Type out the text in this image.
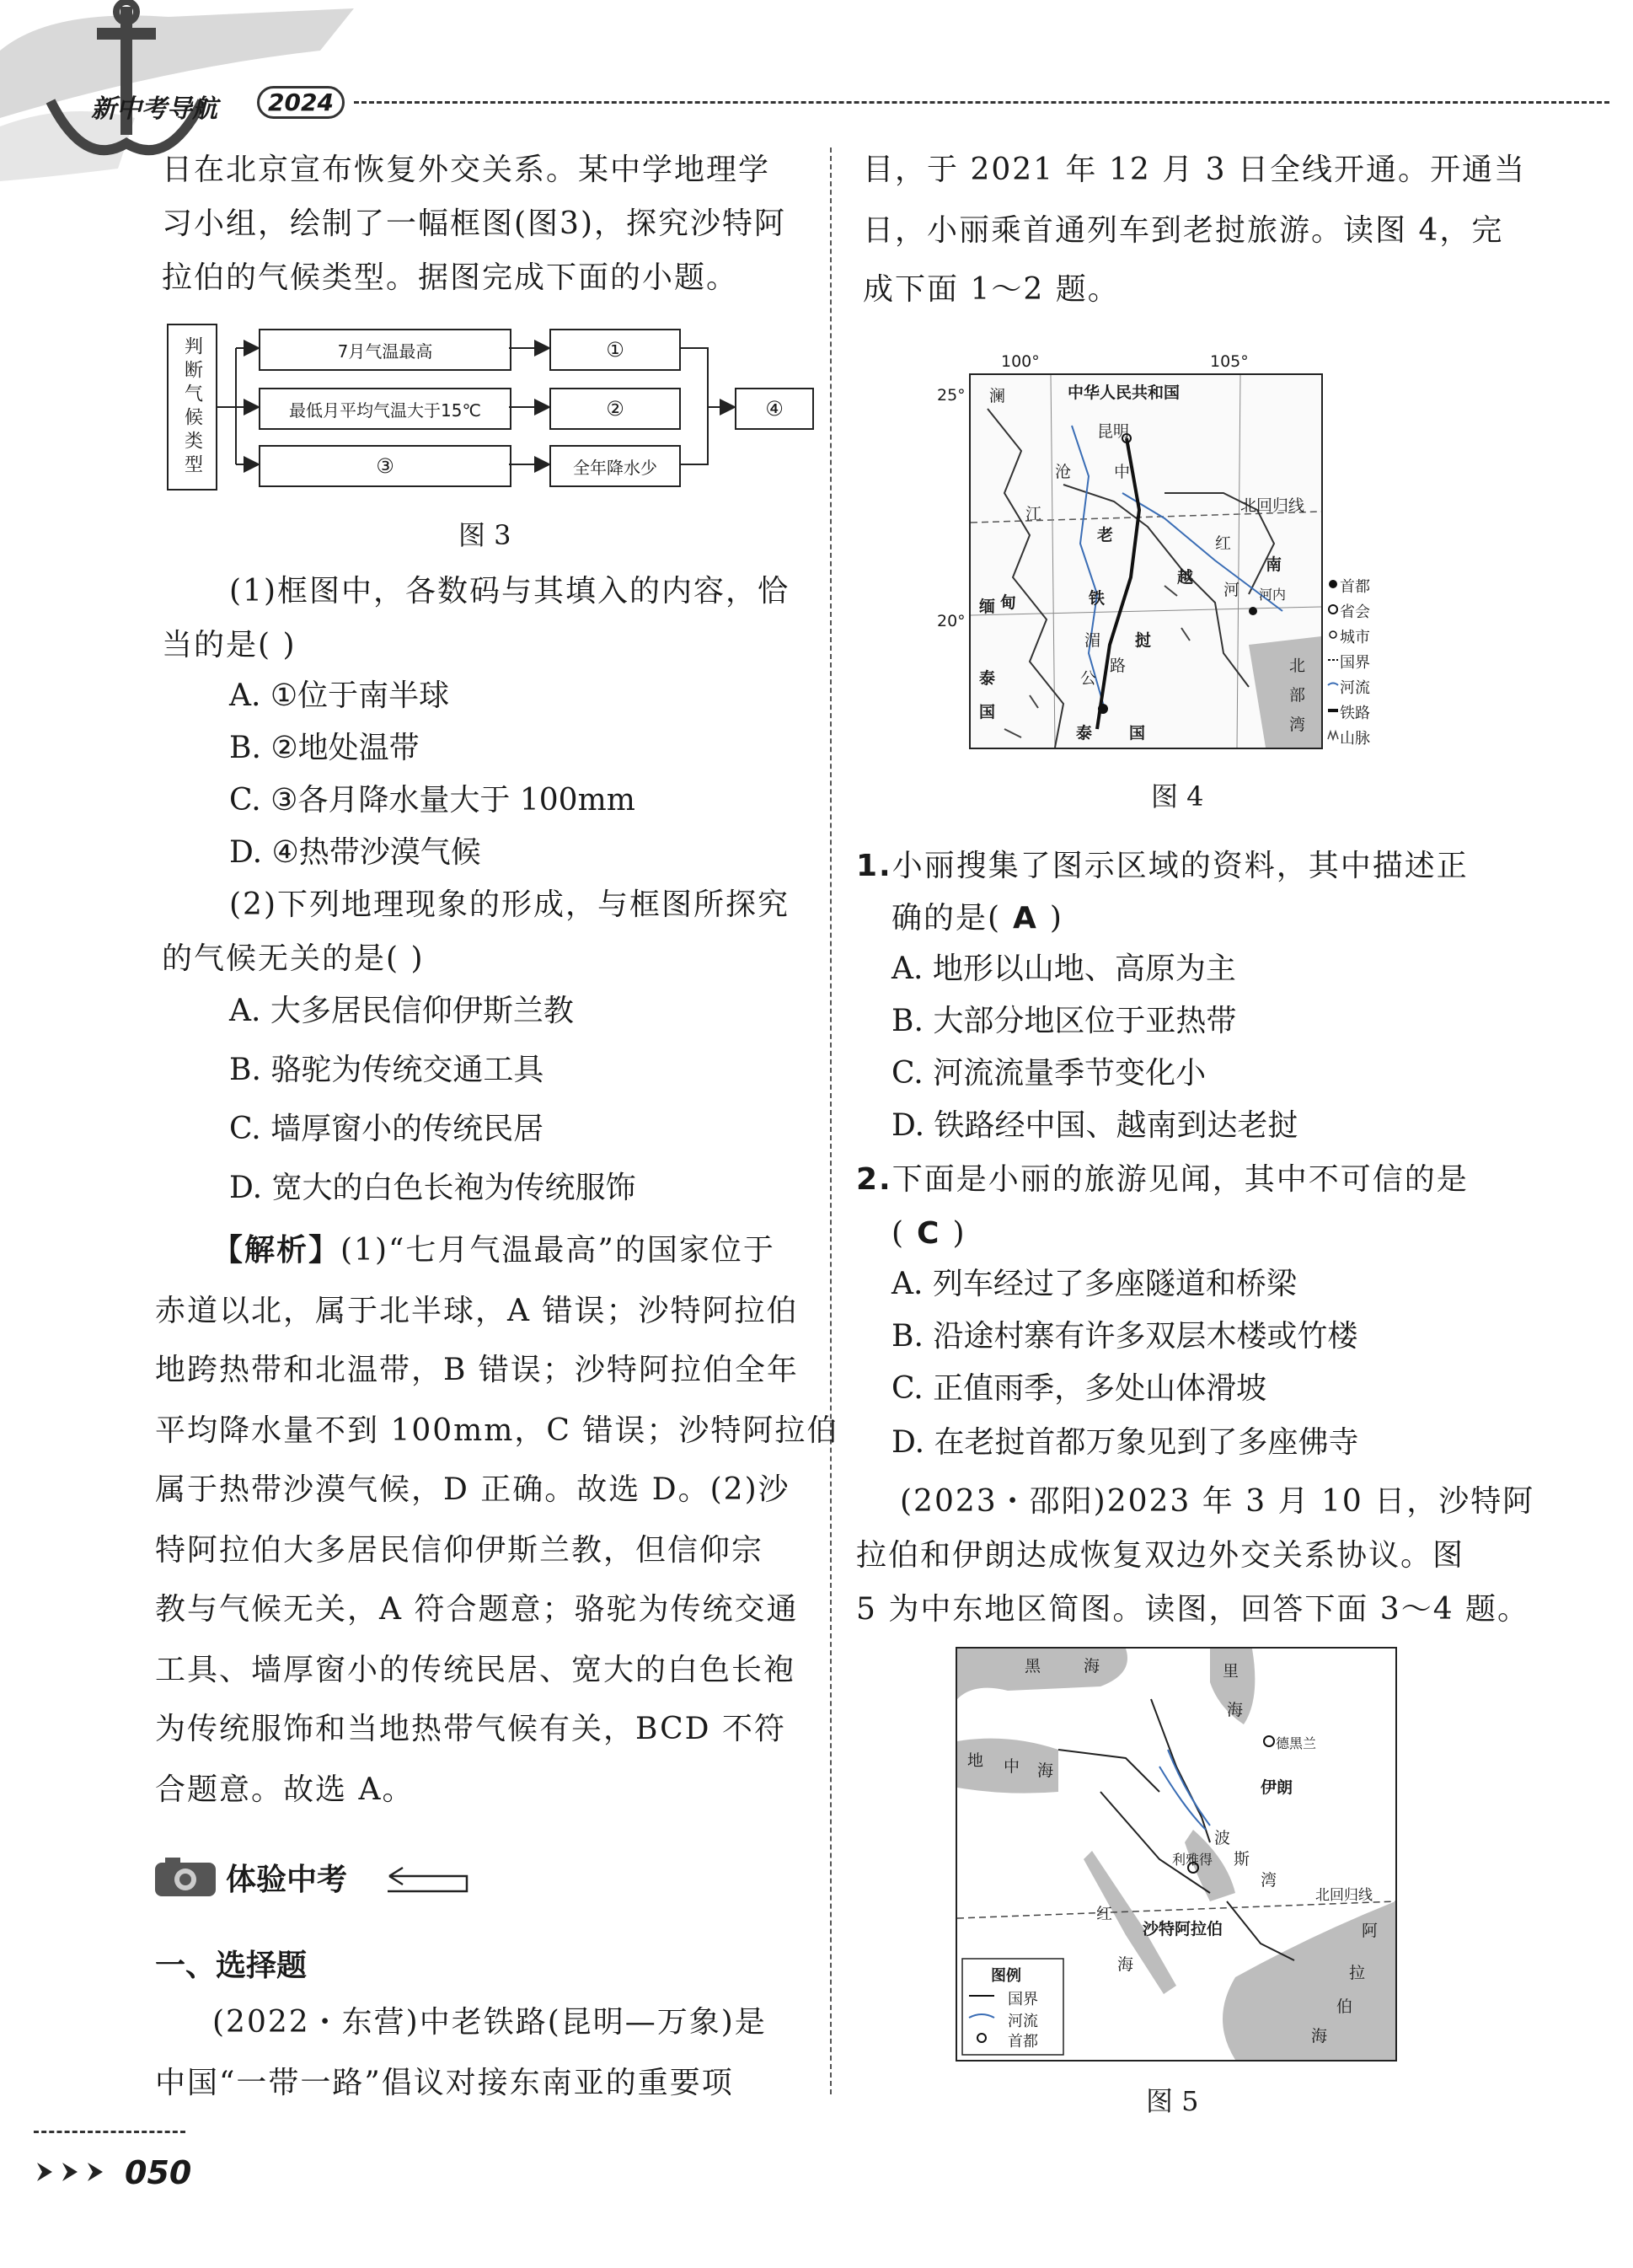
新中考导航	2024
日在北京宣布恢复外交关系。某中学地理学
习小组，绘制了一幅框图(图3)，探究沙特阿
拉伯的气候类型。据图完成下面的小题。
判断气候类型	7月气温最高
最低月平均气温大于15℃
③
①
②
全年降水少
④
图 3
(1)框图中，各数码与其填入的内容，恰
当的是( )
A. ①位于南半球
B. ②地处温带
C. ③各月降水量大于 100mm
D. ④热带沙漠气候
(2)下列地理现象的形成，与框图所探究
的气候无关的是( )
A. 大多居民信仰伊斯兰教
B. 骆驼为传统交通工具
C. 墙厚窗小的传统民居
D. 宽大的白色长袍为传统服饰
【解析】(1)“七月气温最高”的国家位于
赤道以北，属于北半球，A 错误；沙特阿拉伯
地跨热带和北温带，B 错误；沙特阿拉伯全年
平均降水量不到 100mm，C 错误；沙特阿拉伯
属于热带沙漠气候，D 正确。故选 D。(2)沙
特阿拉伯大多居民信仰伊斯兰教，但信仰宗
教与气候无关，A 符合题意；骆驼为传统交通
工具、墙厚窗小的传统民居、宽大的白色长袍
为传统服饰和当地热带气候有关，BCD 不符
合题意。故选 A。
体验中考
一、选择题
(2022・东营)中老铁路(昆明—万象)是
中国“一带一路”倡议对接东南亚的重要项
目，于 2021 年 12 月 3 日全线开通。开通当
日，小丽乘首通列车到老挝旅游。读图 4，完
成下面 1～2 题。
中华人民共和国
昆明
北回归线
澜
沧
江
中
缅 甸
越
南
河内
红
河
老
挝
铁
路
公
湄
泰
国
泰 国
北
部
湾
100°	105°
25°
20°
首都
省会
城市
国界
河流
铁路
山脉
图 4
1.小丽搜集了图示区域的资料，其中描述正
确的是( A )
A. 地形以山地、高原为主
B. 大部分地区位于亚热带
C. 河流流量季节变化小
D. 铁路经中国、越南到达老挝
2.下面是小丽的旅游见闻，其中不可信的是
( C )
A. 列车经过了多座隧道和桥梁
B. 沿途村寨有许多双层木楼或竹楼
C. 正值雨季，多处山体滑坡
D. 在老挝首都万象见到了多座佛寺
(2023・邵阳)2023 年 3 月 10 日，沙特阿
拉伯和伊朗达成恢复双边外交关系协议。图
5 为中东地区简图。读图，回答下面 3～4 题。
黑	海	里
海
地 中 海
德黑兰
伊朗
利雅得
波
斯
湾
北回归线
沙特阿拉伯
红
海
阿
拉
伯
海
图例
国界
河流
首都
图 5
050
